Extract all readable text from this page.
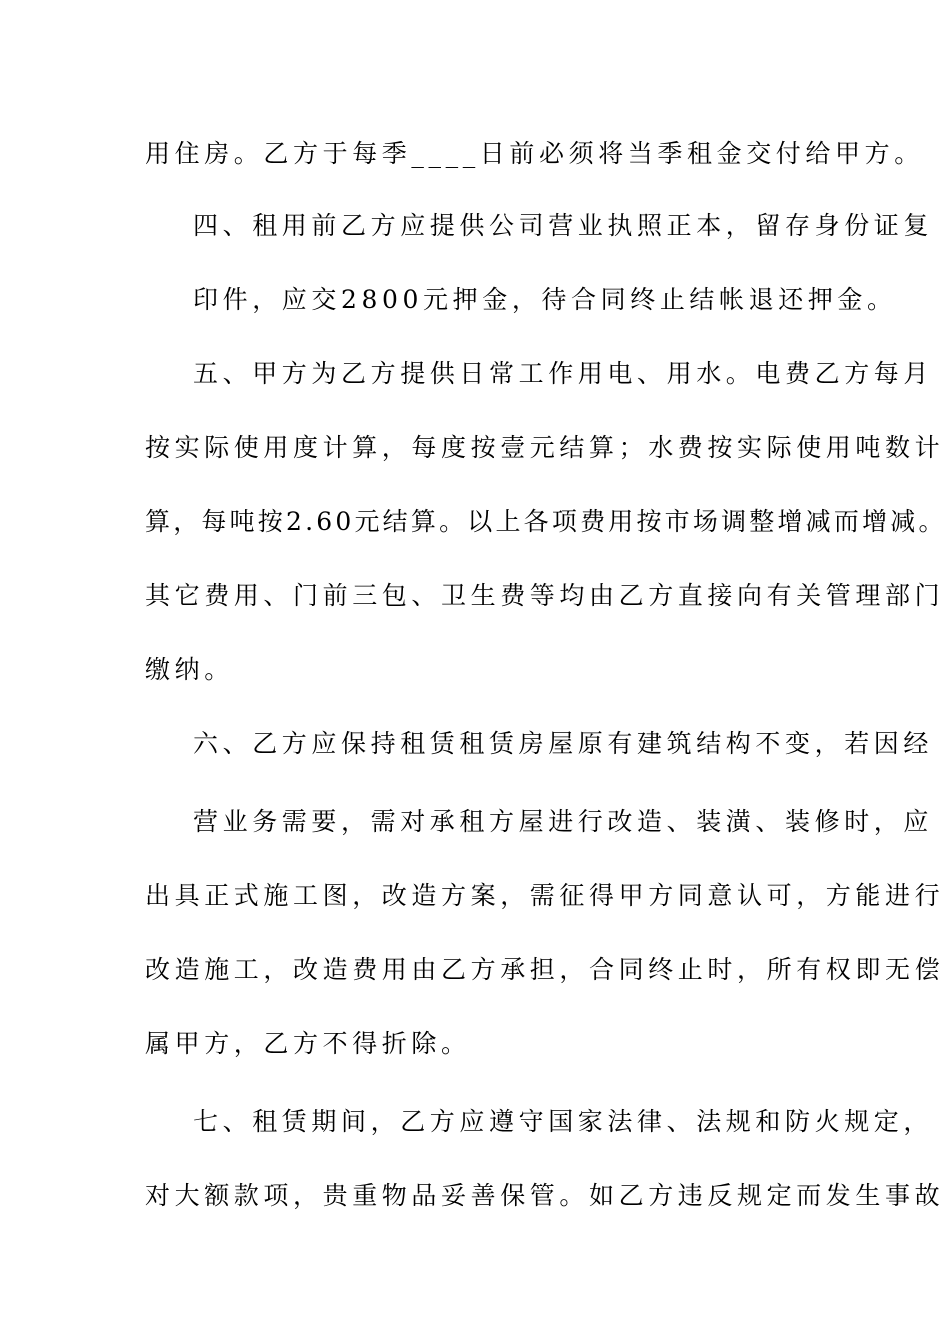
用住房。乙方于每季____日前必须将当季租金交付给甲方。
四、租用前乙方应提供公司营业执照正本，留存身份证复
印件，应交2800元押金，待合同终止结帐退还押金。
五、甲方为乙方提供日常工作用电、用水。电费乙方每月
按实际使用度计算，每度按壹元结算；水费按实际使用吨数计
算，每吨按2.60元结算。以上各项费用按市场调整增减而增减。
其它费用、门前三包、卫生费等均由乙方直接向有关管理部门
缴纳。
六、乙方应保持租赁租赁房屋原有建筑结构不变，若因经
营业务需要，需对承租方屋进行改造、装潢、装修时，应
出具正式施工图，改造方案，需征得甲方同意认可，方能进行
改造施工，改造费用由乙方承担，合同终止时，所有权即无偿
属甲方，乙方不得折除。
七、租赁期间，乙方应遵守国家法律、法规和防火规定，
对大额款项，贵重物品妥善保管。如乙方违反规定而发生事故
